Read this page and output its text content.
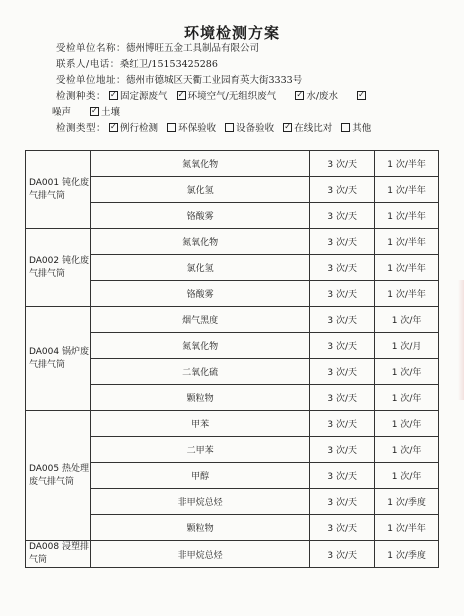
环境检测方案
受检单位名称：德州博旺五金工具制品有限公司
联系人/电话：桑红卫/15153425286
受检单位地址：德州市德城区天衢工业园育英大街3333号
检测种类： ✓ 固定源废气 ✓ 环境空气/无组织废气 ✓	水/废水 ✓
噪声 ✓	土壤
检测类型： ✓ 例行检测 环保验收 设备验收 ✓ 在线比对 其他

DA001 钝化废气排气筒	氮氧化物	3 次/天	1 次/半年
	氯化氢	3 次/天	1 次/半年
	铬酸雾	3 次/天	1 次/半年
DA002 钝化废气排气筒	氮氧化物	3 次/天	1 次/半年
	氯化氢	3 次/天	1 次/半年
	铬酸雾	3 次/天	1 次/半年
DA004 锅炉废气排气筒	烟气黑度	3 次/天	1 次/年
	氮氧化物	3 次/天	1 次/月
	二氧化硫	3 次/天	1 次/年
	颗粒物	3 次/天	1 次/年
DA005 热处理废气排气筒	甲苯	3 次/天	1 次/年
	二甲苯	3 次/天	1 次/年
	甲醇	3 次/天	1 次/年
	非甲烷总烃	3 次/天	1 次/季度
	颗粒物	3 次/天	1 次/半年
DA008 浸塑排气筒	非甲烷总烃	3 次/天	1 次/季度
